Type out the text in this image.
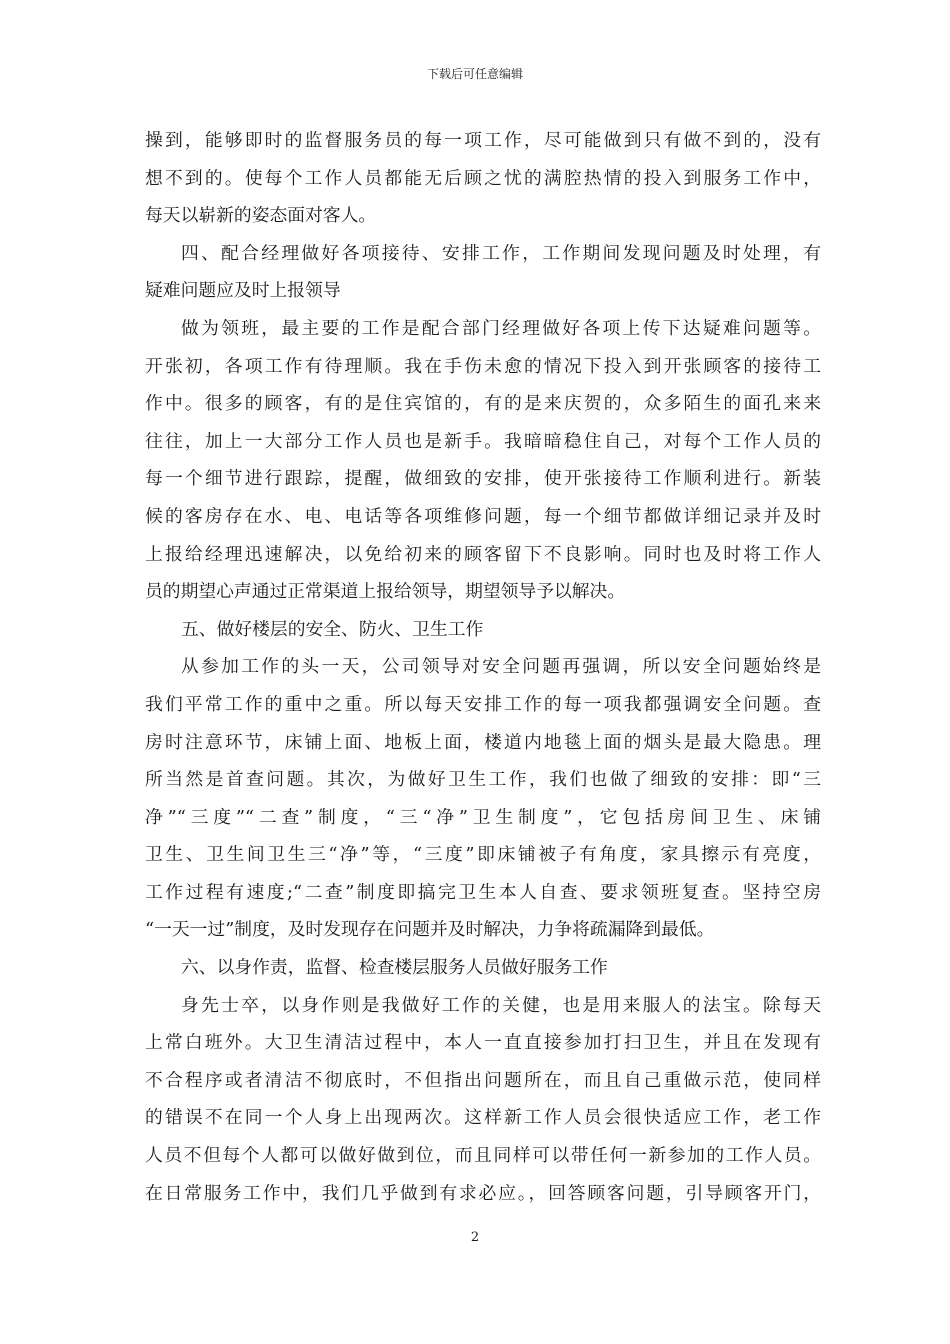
下载后可任意编辑
操到，能够即时的监督服务员的每一项工作，尽可能做到只有做不到的，没有
想不到的。使每个工作人员都能无后顾之忧的满腔热情的投入到服务工作中，
每天以崭新的姿态面对客人。
四、配合经理做好各项接待、安排工作，工作期间发现问题及时处理，有
疑难问题应及时上报领导
做为领班，最主要的工作是配合部门经理做好各项上传下达疑难问题等。
开张初，各项工作有待理顺。我在手伤未愈的情况下投入到开张顾客的接待工
作中。很多的顾客，有的是住宾馆的，有的是来庆贺的，众多陌生的面孔来来
往往，加上一大部分工作人员也是新手。我暗暗稳住自己，对每个工作人员的
每一个细节进行跟踪，提醒，做细致的安排，使开张接待工作顺利进行。新装
候的客房存在水、电、电话等各项维修问题，每一个细节都做详细记录并及时
上报给经理迅速解决，以免给初来的顾客留下不良影响。同时也及时将工作人
员的期望心声通过正常渠道上报给领导，期望领导予以解决。
五、做好楼层的安全、防火、卫生工作
从参加工作的头一天，公司领导对安全问题再强调，所以安全问题始终是
我们平常工作的重中之重。所以每天安排工作的每一项我都强调安全问题。查
房时注意环节，床铺上面、地板上面，楼道内地毯上面的烟头是最大隐患。理
所当然是首查问题。其次，为做好卫生工作，我们也做了细致的安排：即“三
净”“三度”“二查”制度，“三“净”卫生制度”，它包括房间卫生、床铺
卫生、卫生间卫生三“净”等，“三度”即床铺被子有角度，家具擦示有亮度，
工作过程有速度;“二查”制度即搞完卫生本人自查、要求领班复查。坚持空房
“一天一过”制度，及时发现存在问题并及时解决，力争将疏漏降到最低。
六、以身作责，监督、检查楼层服务人员做好服务工作
身先士卒，以身作则是我做好工作的关健，也是用来服人的法宝。除每天
上常白班外。大卫生清洁过程中，本人一直直接参加打扫卫生，并且在发现有
不合程序或者清洁不彻底时，不但指出问题所在，而且自己重做示范，使同样
的错误不在同一个人身上出现两次。这样新工作人员会很快适应工作，老工作
人员不但每个人都可以做好做到位，而且同样可以带任何一新参加的工作人员。
在日常服务工作中，我们几乎做到有求必应。，回答顾客问题，引导顾客开门，
2
